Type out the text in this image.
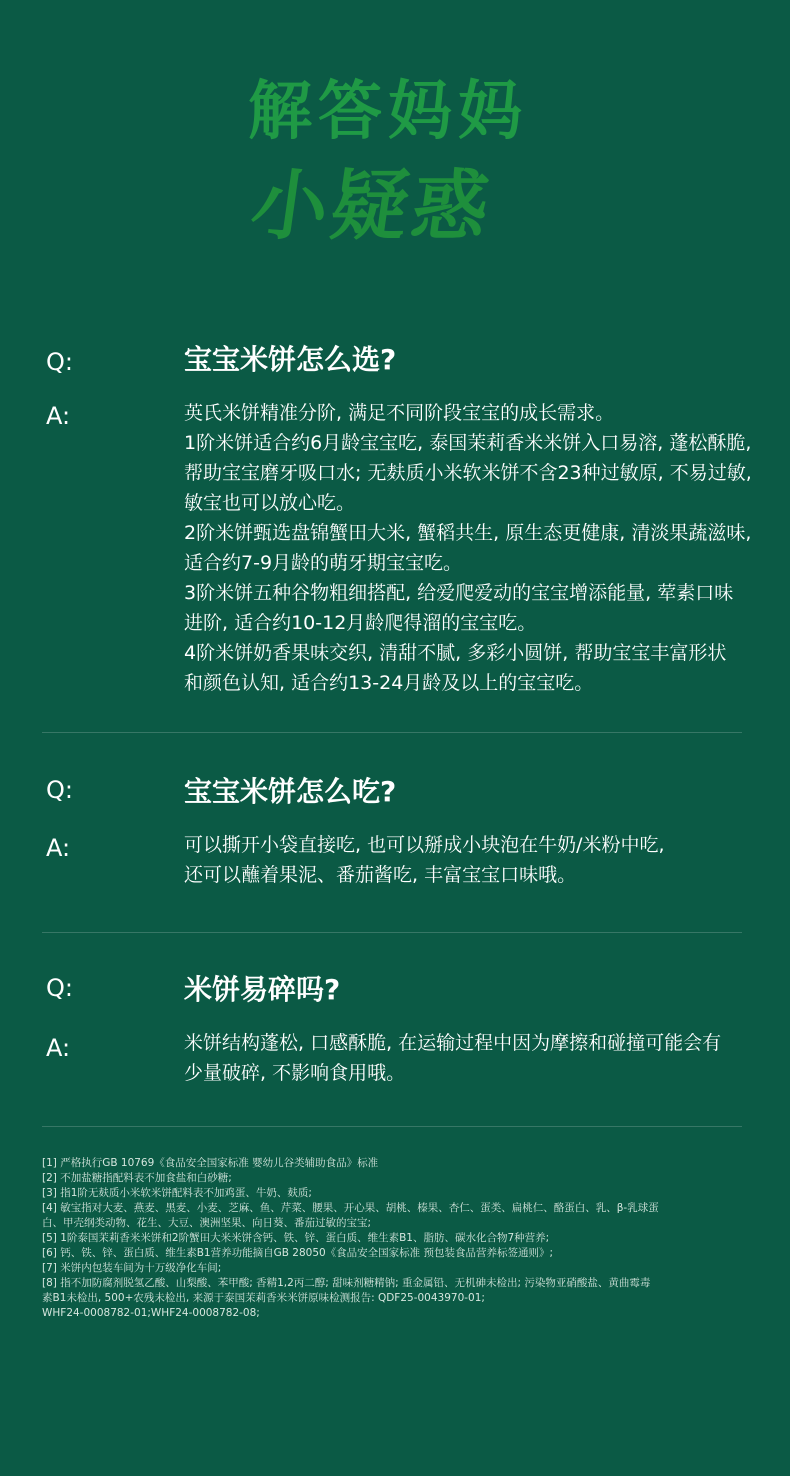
解答妈妈
小疑惑
Q:	宝宝米饼怎么选?
A:	英氏米饼精准分阶, 满足不同阶段宝宝的成长需求。
1阶米饼适合约6月龄宝宝吃, 泰国茉莉香米米饼入口易溶, 蓬松酥脆,
帮助宝宝磨牙吸口水; 无麸质小米软米饼不含23种过敏原, 不易过敏,
敏宝也可以放心吃。
2阶米饼甄选盘锦蟹田大米, 蟹稻共生, 原生态更健康, 清淡果蔬滋味,
适合约7-9月龄的萌牙期宝宝吃。
3阶米饼五种谷物粗细搭配, 给爱爬爱动的宝宝增添能量, 荤素口味
进阶, 适合约10-12月龄爬得溜的宝宝吃。
4阶米饼奶香果味交织, 清甜不腻, 多彩小圆饼, 帮助宝宝丰富形状
和颜色认知, 适合约13-24月龄及以上的宝宝吃。
Q:	宝宝米饼怎么吃?
A:	可以撕开小袋直接吃, 也可以掰成小块泡在牛奶/米粉中吃,
还可以蘸着果泥、番茄酱吃, 丰富宝宝口味哦。
Q:	米饼易碎吗?
A:	米饼结构蓬松, 口感酥脆, 在运输过程中因为摩擦和碰撞可能会有
少量破碎, 不影响食用哦。
[1] 严格执行GB 10769《食品安全国家标准 婴幼儿谷类辅助食品》标准
[2] 不加盐糖指配料表不加食盐和白砂糖;
[3] 指1阶无麸质小米软米饼配料表不加鸡蛋、牛奶、麸质;
[4] 敏宝指对大麦、燕麦、黑麦、小麦、芝麻、鱼、芹菜、腰果、开心果、胡桃、榛果、杏仁、蛋类、扁桃仁、酪蛋白、乳、β-乳球蛋
白、甲壳纲类动物、花生、大豆、澳洲坚果、向日葵、番茄过敏的宝宝;
[5] 1阶泰国茉莉香米米饼和2阶蟹田大米米饼含钙、铁、锌、蛋白质、维生素B1、脂肪、碳水化合物7种营养;
[6] 钙、铁、锌、蛋白质、维生素B1营养功能摘自GB 28050《食品安全国家标准 预包装食品营养标签通则》;
[7] 米饼内包装车间为十万级净化车间;
[8] 指不加防腐剂脱氢乙酸、山梨酸、苯甲酸; 香精1,2丙二醇; 甜味剂糖精钠; 重金属铅、无机砷未检出; 污染物亚硝酸盐、黄曲霉毒
素B1未检出, 500+农残未检出, 来源于泰国茉莉香米米饼原味检测报告: QDF25-0043970-01;
WHF24-0008782-01;WHF24-0008782-08;
